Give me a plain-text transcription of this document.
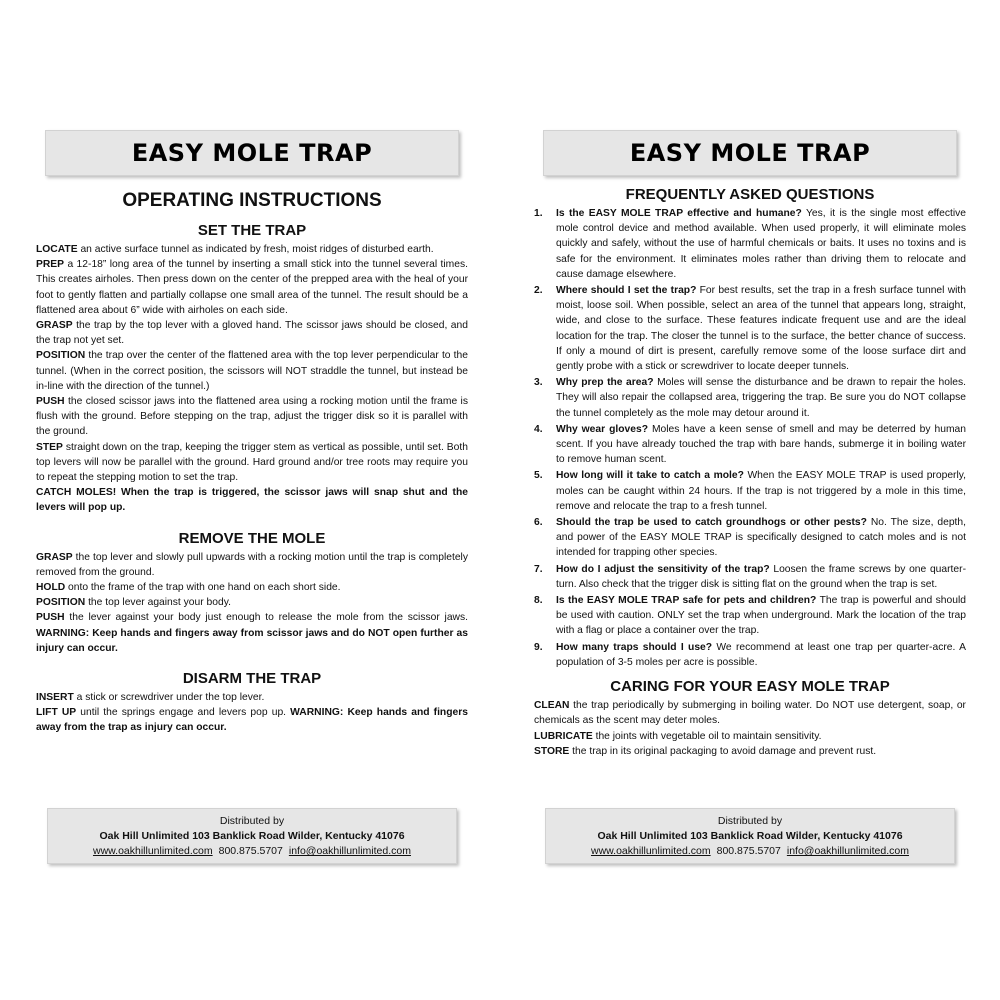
EASY MOLE TRAP
OPERATING INSTRUCTIONS
SET THE TRAP

LOCATE an active surface tunnel as indicated by fresh, moist ridges of disturbed earth.

PREP a 12-18” long area of the tunnel by inserting a small stick into the tunnel several times. This creates airholes. Then press down on the center of the prepped area with the heal of your foot to gently flatten and partially collapse one small area of the tunnel. The result should be a flattened area about 6” wide with airholes on each side.

GRASP the trap by the top lever with a gloved hand. The scissor jaws should be closed, and the trap not yet set.

POSITION the trap over the center of the flattened area with the top lever perpendicular to the tunnel. (When in the correct position, the scissors will NOT straddle the tunnel, but instead be in-line with the direction of the tunnel.)

PUSH the closed scissor jaws into the flattened area using a rocking motion until the frame is flush with the ground. Before stepping on the trap, adjust the trigger disk so it is parallel with the ground.

STEP straight down on the trap, keeping the trigger stem as vertical as possible, until set. Both top levers will now be parallel with the ground. Hard ground and/or tree roots may require you to repeat the stepping motion to set the trap.

CATCH MOLES! When the trap is triggered, the scissor jaws will snap shut and the levers will pop up.

REMOVE THE MOLE

GRASP the top lever and slowly pull upwards with a rocking motion until the trap is completely removed from the ground.

HOLD onto the frame of the trap with one hand on each short side.

POSITION the top lever against your body.

PUSH the lever against your body just enough to release the mole from the scissor jaws. WARNING: Keep hands and fingers away from scissor jaws and do NOT open further as injury can occur.

DISARM THE TRAP

INSERT a stick or screwdriver under the top lever.

LIFT UP until the springs engage and levers pop up. WARNING: Keep hands and fingers away from the trap as injury can occur.

Distributed by
Oak Hill Unlimited 103 Banklick Road Wilder, Kentucky 41076
www.oakhillunlimited.com 800.875.5707 info@oakhillunlimited.com
EASY MOLE TRAP
FREQUENTLY ASKED QUESTIONS
1.	Is the EASY MOLE TRAP effective and humane? Yes, it is the single most effective mole control device and method available. When used properly, it will eliminate moles quickly and safely, without the use of harmful chemicals or baits. It uses no toxins and is safe for the environment. It eliminates moles rather than driving them to relocate and cause damage elsewhere.
2.	Where should I set the trap? For best results, set the trap in a fresh surface tunnel with moist, loose soil. When possible, select an area of the tunnel that appears long, straight, wide, and close to the surface. These features indicate frequent use and are the ideal location for the trap. The closer the tunnel is to the surface, the better chance of success. If only a mound of dirt is present, carefully remove some of the loose surface dirt and gently probe with a stick or screwdriver to locate deeper tunnels.
3.	Why prep the area? Moles will sense the disturbance and be drawn to repair the holes. They will also repair the collapsed area, triggering the trap. Be sure you do NOT collapse the tunnel completely as the mole may detour around it.
4.	Why wear gloves? Moles have a keen sense of smell and may be deterred by human scent. If you have already touched the trap with bare hands, submerge it in boiling water to remove human scent.
5.	How long will it take to catch a mole? When the EASY MOLE TRAP is used properly, moles can be caught within 24 hours. If the trap is not triggered by a mole in this time, remove and relocate the trap to a fresh tunnel.
6.	Should the trap be used to catch groundhogs or other pests? No. The size, depth, and power of the EASY MOLE TRAP is specifically designed to catch moles and is not intended for trapping other species.
7.	How do I adjust the sensitivity of the trap? Loosen the frame screws by one quarter-turn. Also check that the trigger disk is sitting flat on the ground when the trap is set.
8.	Is the EASY MOLE TRAP safe for pets and children? The trap is powerful and should be used with caution. ONLY set the trap when underground. Mark the location of the trap with a flag or place a container over the trap.
9.	How many traps should I use? We recommend at least one trap per quarter-acre. A population of 3-5 moles per acre is possible.
CARING FOR YOUR EASY MOLE TRAP

CLEAN the trap periodically by submerging in boiling water. Do NOT use detergent, soap, or chemicals as the scent may deter moles.

LUBRICATE the joints with vegetable oil to maintain sensitivity.

STORE the trap in its original packaging to avoid damage and prevent rust.

Distributed by
Oak Hill Unlimited 103 Banklick Road Wilder, Kentucky 41076
www.oakhillunlimited.com 800.875.5707 info@oakhillunlimited.com
